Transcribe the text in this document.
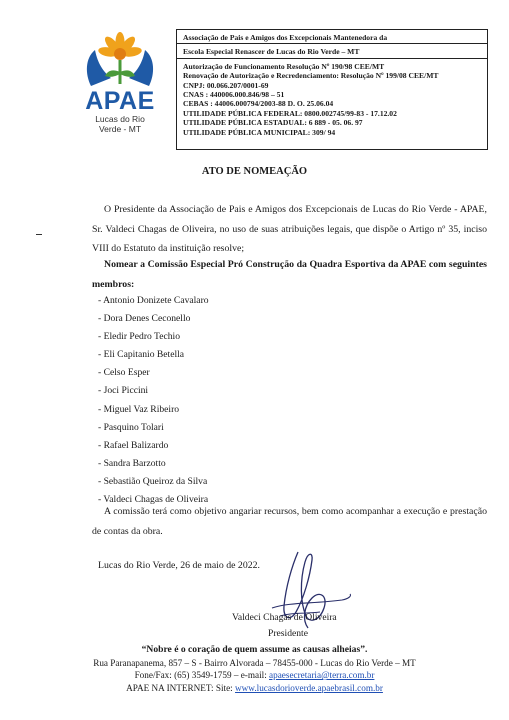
APAE
Lucas do Rio
Verde - MT
Associação de Pais e Amigos dos Excepcionais Mantenedora da
Escola Especial Renascer de Lucas do Rio Verde – MT
Autorização de Funcionamento Resolução Nº 190/98 CEE/MT
Renovação de Autorização e Recredenciamento: Resolução Nº 199/08 CEE/MT
CNPJ: 00.066.207/0001-69
CNAS : 440006.000.846/98 – 51
CEBAS : 44006.000794/2003-88 D. O. 25.06.04
UTILIDADE PÚBLICA FEDERAL: 0800.002745/99-83 - 17.12.02
UTILIDADE PÚBLICA ESTADUAL: 6 889 - 05. 06. 97
UTILIDADE PÚBLICA MUNICIPAL: 309/ 94
ATO DE NOMEAÇÃO
O Presidente da Associação de Pais e Amigos dos Excepcionais de Lucas do Rio Verde - APAE, Sr. Valdeci Chagas de Oliveira, no uso de suas atribuições legais, que dispõe o Artigo nº 35, inciso VIII do Estatuto da instituição resolve;
Nomear a Comissão Especial Pró Construção da Quadra Esportiva da APAE com seguintes membros:
- Antonio Donizete Cavalaro
- Dora Denes Ceconello
- Eledir Pedro Techio
- Eli Capitanio Betella
- Celso Esper
- Joci Piccini
- Miguel Vaz Ribeiro
- Pasquino Tolari
- Rafael Balizardo
- Sandra Barzotto
- Sebastião Queiroz da Silva
- Valdeci Chagas de Oliveira
A comissão terá como objetivo angariar recursos, bem como acompanhar a execução e prestação de contas da obra.
Lucas do Rio Verde, 26 de maio de 2022.
Valdeci Chagas de Oliveira
Presidente
“Nobre é o coração de quem assume as causas alheias”.
Rua Paranapanema, 857 – S - Bairro Alvorada – 78455-000 - Lucas do Rio Verde – MT
Fone/Fax: (65) 3549-1759 – e-mail: apaesecretaria@terra.com.br
APAE NA INTERNET: Site: www.lucasdorioverde.apaebrasil.com.br
